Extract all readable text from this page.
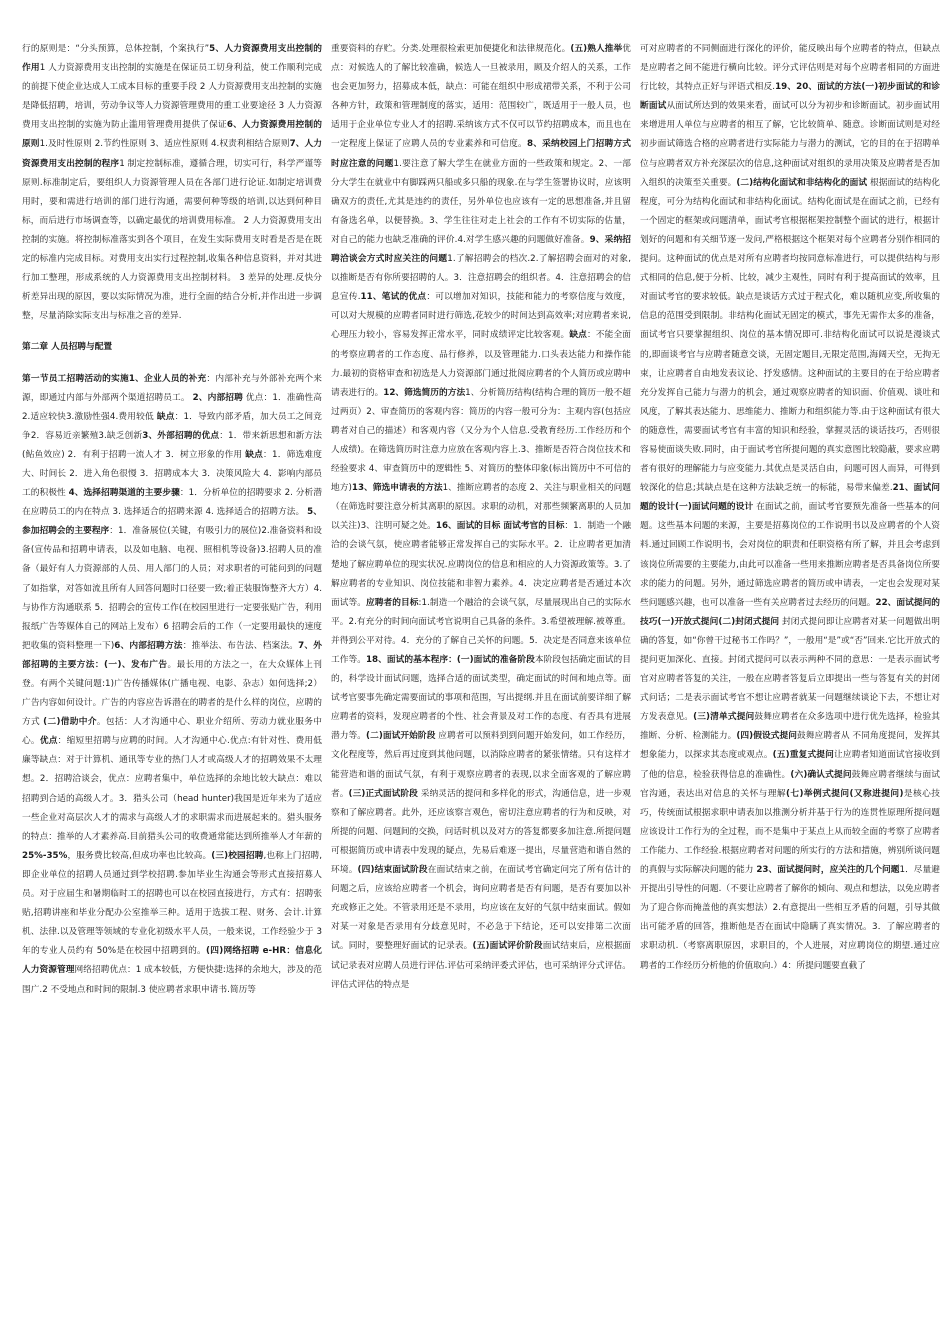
行的原则是：“分头预算，总体控制，个案执行”5、人力资源费用支出控制的作用1 人力资源费用支出控制的实施是在保证员工切身利益，使工作顺利完成的前提下使企业达成人工成本目标的重要手段 2 人力资源费用支出控制的实施是降低招聘，培训，劳动争议等人力资源管理费用的重工业要途径 3 人力资源费用支出控制的实施为防止滥用管理费用提供了保证6、人力资源费用控制的原则1.及时性原则 2.节约性原则 3、适应性原则 4.权责利相结合原则7、人力资源费用支出控制的程序1 制定控制标准，遵循合理，切实可行，科学严谨等原则.标准制定后，要组织人力资源管理人员在各部门进行论证.如制定培训费用时，要和需进行培训的部门进行沟通，需要何种等级的培训,以达到何种目标，而后进行市场调查等，以确定最优的培训费用标准。 2 人力资源费用支出控制的实施。将控制标准落实到各个项目，在发生实际费用支时看是否是在既定的标准内完成目标。对费用支出实行过程控制,收集各种信息资料，并对其进行加工整理，形成系统的人力资源费用支出控制材料。 3 差异的处理.反快分析差异出现的原因，要以实际情况为准，进行全面的结合分析,并作出进一步调整，尽量消除实际支出与标准之音的差异.

第二章 人员招聘与配置

第一节员工招聘活动的实施1、企业人员的补充：内部补充与外部补充两个来源，即通过内部与外部两个渠道招聘员工。 2、内部招聘 优点：1．准确性高2.适应较快3.激励性强4.费用较低 缺点：1．导致内部矛盾，加大员工之间竞争2．容易近亲繁殖3.缺乏创新3、外部招聘的优点：1．带来新思想和新方法(鲇鱼效应) 2．有利于招聘一流人才 3．树立形象的作用 缺点：1．筛选难度大、时间长 2．进入角色很慢 3．招聘成本大 3．决策风险大 4．影响内部员工的积极性 4、选择招聘渠道的主要步骤：1．分析单位的招聘要求 2. 分析潜在应聘员工的内在特点 3. 选择适合的招聘来源 4. 选择适合的招聘方法。 5、参加招聘会的主要程序：1．准备展位(关键，有吸引力的展位)2.准备资料和设备(宣传品和招聘申请表，以及如电脑、电视、照相机等设备)3.招聘人员的准备（最好有人力资源部的人员、用人部门的人员；对求职者的可能问到的问题了如指掌，对答如流且所有人回答问题时口径要一致;着正装服饰整齐大方）4.与协作方沟通联系 5．招聘会的宣传工作(在校园里进行一定要张贴广告，利用报纸广告等媒体自己的网站上发布）6 招聘会后的工作（一定要用最快的速度把收集的资料整理一下)6、内部招聘方法：推举法、布告法、档案法。7、外部招聘的主要方法：(一)、发布广告。最长用的方法之一，在大众媒体上刊登。有两个关键问题:1)广告传播媒体(广播电视、电影、杂志）如何选择;2）广告内容如何设计。广告的内容应告诉潜在的聘者的是什么样的岗位，应聘的方式 (二)借助中介。包括：人才沟通中心、职业介绍所、劳动力就业服务中心。优点：缩短里招聘与应聘的时间。人才沟通中心.优点:有针对性、费用低廉等缺点：对于计算机、通讯等专业的热门人才或高级人才的招聘效果不太理想。2．招聘洽谈会，优点：应聘者集中，单位选择的余地比较大缺点：难以招聘到合适的高级人才。3．猎头公司（head hunter)我国是近年来为了适应一些企业对高层次人才的需求与高级人才的求职需求而进展起来的。猎头服务的特点：推举的人才素养高.目前猎头公司的收费通常能达到所推举人才年薪的 25%-35%，服务费比较高,但成功率也比较高。(三)校园招聘,也称上门招聘,即企业单位的招聘人员通过到学校招聘.参加毕业生沟通会等形式直接招募人员。对于应届生和暑期临时工的招聘也可以在校园直接进行，方式有：招聘张贴,招聘讲座和毕业分配办公室推举三种。适用于选拔工程、财务、会计.计算机、法律.以及管理等领域的专业化初级水平人员，一般来说，工作经验少于 3 年的专业人员约有 50%是在校园中招聘到的。(四)网络招聘 e-HR：信息化人力资源管理网络招聘优点：1 成本较低，方便快捷:选择的余地大，涉及的范围广.2 不受地点和时间的限制.3 使应聘者求职申请书.简历等

重要资料的存贮。分类.处理很检索更加便捷化和法律规范化。(五)熟人推举优点：对候选人的了解比较准确，候选人一旦被录用，顾及介绍人的关系，工作也会更加努力，招募成本低，缺点：可能在组织中形成裙带关系，不利于公司各种方针，政策和管理制度的落实，适用：范围较广，既适用于一般人员，也适用于企业单位专业人才的招聘.采纳该方式不仅可以节约招聘成本，而且也在一定程度上保证了应聘人员的专业素养和可信度。8、采纳校园上门招聘方式时应注意的问题1.要注意了解大学生在就业方面的一些政策和规定。2、一部分大学生在就业中有脚踩两只船或多只船的现象.在与学生签署协议时，应该明确双方的责任,尤其是违约的责任，另外单位也应该有一定的思想准备,并且留有备选名单，以便替换。3、学生往往对走上社会的工作有不切实际的估量，对自己的能力也缺乏准确的评价.4.对学生感兴趣的问题做好准备。9、采纳招聘洽谈会方式时应关注的问题1.了解招聘会的档次.2.了解招聘会面对的对象,以推断是否有你所要招聘的人。3．注意招聘会的组织者。4．注意招聘会的信息宣传.11、笔试的优点：可以增加对知识，技能和能力的考察信度与效度，可以对大规模的应聘者同时进行筛选,花较少的时间达到高效率;对应聘者来说,心理压力较小，容易发挥正常水平，同时成绩评定比较客观。缺点：不能全面的考察应聘者的工作态度、品行修养，以及管理能力.口头表达能力和操作能力.最初的资格审查和初选是人力资源部门通过批阅应聘者的个人简历或应聘申请表进行的。12、筛选简历的方法1、分析简历结构(结构合理的简历一般不超过两页）2、审查简历的客观内容：简历的内容一般可分为：主观内容(包括应聘者对自己的描述）和客观内容（又分为个人信息.受教育经历.工作经历和个人成绩)。在筛选简历时注意力应放在客观内容上.3、推断是否符合岗位技术和经验要求 4、审查简历中的逻辑性 5、对简历的整体印象(标出简历中不可信的地方)13、筛选申请表的方法1、推断应聘者的态度 2、关注与职业相关的问题（在筛选时要注意分析其离职的原因。求职的动机，对那些频繁离职的人员加以关注)3、注明可疑之处。16、面试的目标 面试考官的目标：1．制造一个融洽的会谈气氛，使应聘者能够正常发挥自己的实际水平。2．让应聘者更加清楚地了解应聘单位的现实状况.应聘岗位的信息和相应的人力资源政策等。3.了解应聘者的专业知识、岗位技能和非智力素养。4．决定应聘者是否通过本次面试等。应聘者的目标:1.制造一个融洽的会谈气氛，尽量展现出自己的实际水平。2.有充分的时间向面试考官说明自己具备的条件。3.希望被理解.被尊重。并得到公平对待。4．充分的了解自己关怀的问题。5．决定是否同意来该单位工作等。18、面试的基本程序：(一)面试的准备阶段本阶段包括确定面试的目的，科学设计面试问题，选择合适的面试类型，确定面试的时间和地点等。面试考官要事先确定需要面试的事项和范围，写出提纲.并且在面试前要详细了解应聘者的资料，发现应聘者的个性、社会背景及对工作的态度、有否具有进展潜力等。(二)面试开始阶段 应聘者可以预料到到问题开始发问，如工作经历，文化程度等，然后再过度到其他问题，以消除应聘者的紧张情绪。只有这样才能营造和谐的面试气氛，有利于观察应聘者的表现,以求全面客观的了解应聘者。(三)正式面试阶段 采纳灵活的提问和多样化的形式，沟通信息，进一步观察和了解应聘者。此外，还应该察言观色，密切注意应聘者的行为和反映，对所提的问题、问题间的交换，问话时机以及对方的答复都要多加注意.所提问题可根据简历或申请表中发现的疑点，先易后难逐一提出，尽量营造和谐自然的环境。(四)结束面试阶段在面试结束之前，在面试考官确定问完了所有估计的问题之后，应该给应聘者一个机会，询问应聘者是否有问题，是否有要加以补充或修正之处。不管录用还是不录用，均应该在友好的气氛中结束面试。假如对某一对象是否录用有分歧意见时，不必急于下结论，还可以安排第二次面试。同时，要整理好面试的记录表。(五)面试评价阶段面试结束后，应根据面试记录表对应聘人员进行评估.评估可采纳评委式评估，也可采纳评分式评估。评估式评估的特点是

可对应聘者的不同侧面进行深化的评价，能反映出每个应聘者的特点，但缺点是应聘者之间不能进行横向比较。评分式评估则是对每个应聘者相同的方面进行比较，其特点正好与评语式相反.19、20、面试的方法(一)初步面试的和诊断面试从面试所达到的效果来看，面试可以分为初步和诊断面试。初步面试用来增进用人单位与应聘者的相互了解，它比较简单、随意。诊断面试则是对经初步面试筛选合格的应聘者进行实际能力与潜力的测试，它的目的在于招聘单位与应聘者双方补充深层次的信息,这种面试对组织的录用决策及应聘者是否加入组织的决策至关重要。(二)结构化面试和非结构化的面试 根据面试的结构化程度，可分为结构化面试和非结构化面试。结构化面试是在面试之前，已经有一个固定的框架或问题清单，面试考官根据框架控制整个面试的进行，根据计划好的问题和有关细节逐一发问,严格根据这个框架对每个应聘者分别作相同的提问。这种面试的优点是对所有应聘者均按同意标准进行，可以提供结构与形式相同的信息,便于分析、比较，减少主观性，同时有利于提高面试的效率，且对面试考官的要求较低。缺点是谈话方式过于程式化，难以随机应变,所收集的信息的范围受到限制。非结构化面试无固定的模式，事先无需作太多的准备，面试考官只要掌握组织、岗位的基本情况即可.非结构化面试可以说是漫谈式的,即面谈考官与应聘者随意交谈，无固定题目,无限定范围,海阔天空，无拘无束，让应聘者自由地发表议论、抒发感情。这种面试的主要目的在于给应聘者充分发挥自己能力与潜力的机会，通过观察应聘者的知识面、价值观、谈吐和风度，了解其表达能力、思维能力、推断力和组织能力等.由于这种面试有很大的随意性，需要面试考官有丰富的知识和经验，掌握灵活的谈话技巧，否则很容易使面谈失败.同时，由于面试考官所提问题的真实意图比较隐蔽，要求应聘者有很好的理解能力与应变能力.其优点是灵活自由，问题可因人而异，可得到较深化的信息;其缺点是在这种方法缺乏统一的标能，易带来偏差.21、面试问题的设计(一)面试问题的设计 在面试之前，面试考官要预先准备一些基本的问题。这些基本问题的来源，主要是招募岗位的工作说明书以及应聘者的个人资料.通过回顾工作说明书，会对岗位的职责和任职资格有所了解，并且会考虑到该岗位所需要的主要能力,由此可以准备一些用来推断应聘者是否具备岗位所要求的能力的问题。另外，通过筛选应聘者的简历或申请表，一定也会发现对某些问题感兴趣，也可以准备一些有关应聘者过去经历的问题。22、面试提问的技巧(一)开放式提问(二)封闭式提问 封闭式提问即让应聘者对某一问题做出明确的答复，如“你曾干过秘书工作吗？”，一般用“是”或“否”回来.它比开放式的提问更加深化、直接。封闭式提问可以表示两种不同的意思：一是表示面试考官对应聘者答复的关注，一般在应聘者答复后立即提出一些与答复有关的封闭式问话；二是表示面试考官不想让应聘者就某一问题继续谈论下去，不想让对方发表意见。(三)清单式提问鼓舞应聘者在众多选项中进行优先选择，检验其推断、分析、检测能力。(四)假设式提问鼓舞应聘者从 不同角度提问，发挥其想象能力，以探求其态度或观点。(五)重复式提问让应聘者知道面试官接收到了他的信息，检验获得信息的准确性。(六)确认式提问鼓舞应聘者继续与面试官沟通，表达出对信息的关怀与理解(七)举例式提问(又称进提问)是核心技巧，传统面试根据求职申请表加以推测分析并基于行为的连贯性原理所提问题应该设计工作行为的全过程，而不是集中于某点上从而较全面的考察了应聘者工作能力、工作经验.根据应聘者对问题的所实行的方法和措施，辨别所谈问题的真假与实际解决问题的能力 23、面试提问时，应关注的几个问题1．尽量避开提出引导性的问题.（不要让应聘者了解你的倾向、观点和想法，以免应聘者为了迎合你而掩盖他的真实想法）2.有意提出一些相互矛盾的问题，引导其做出可能矛盾的回答，推断他是否在面试中隐瞒了真实情况。3．了解应聘者的求职动机.（考察离职原因，求职目的，个人进展，对应聘岗位的期望.通过应聘者的工作经历分析他的价值取向.）4：所提问题要直截了
